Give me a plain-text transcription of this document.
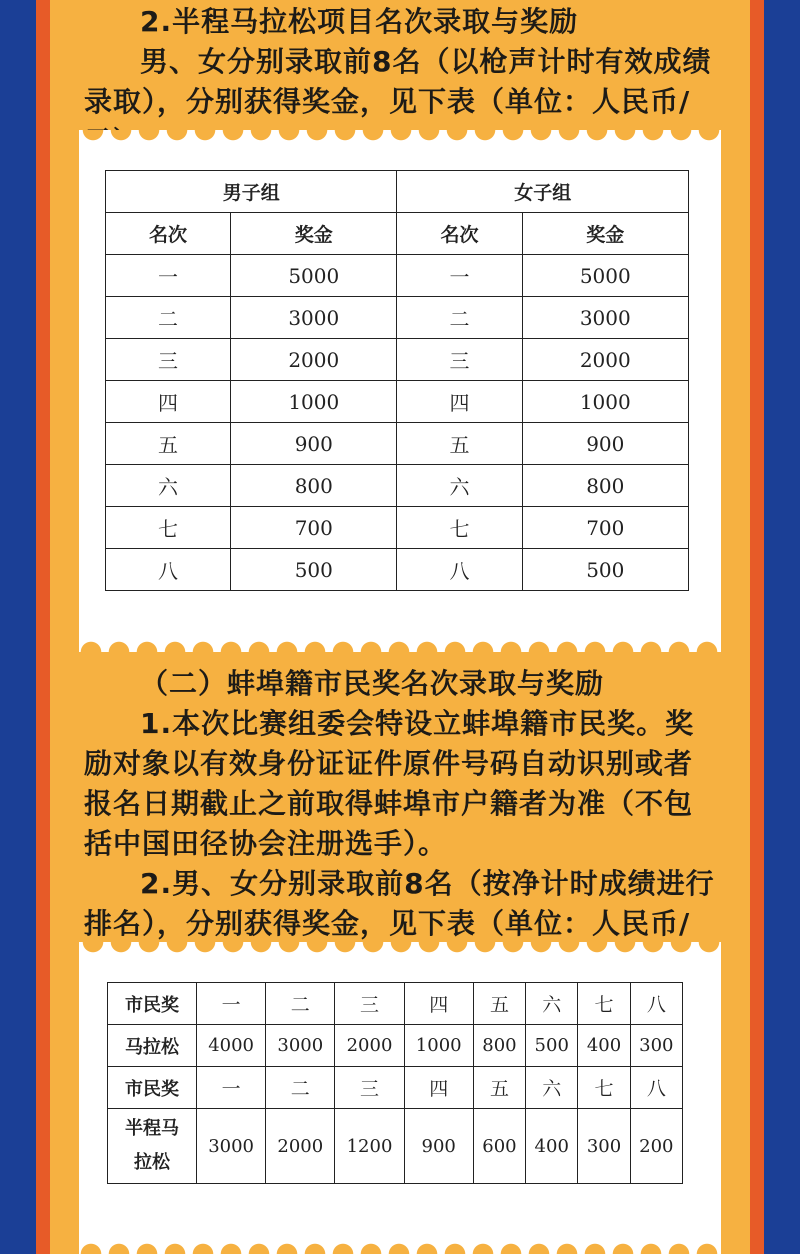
2.半程马拉松项目名次录取与奖励

男、女分别录取前8名（以枪声计时有效成绩录取），分别获得奖金，见下表（单位：人民币/

男子组		女子组	
名次	奖金	名次	奖金
一	5000	一	5000
二	3000	二	3000
三	2000	三	2000
四	1000	四	1000
五	900	五	900
六	800	六	800
七	700	七	700
八	500	八	500

（二）蚌埠籍市民奖名次录取与奖励

1.本次比赛组委会特设立蚌埠籍市民奖。奖励对象以有效身份证证件原件号码自动识别或者报名日期截止之前取得蚌埠市户籍者为准（不包括中国田径协会注册选手）。

2.男、女分别录取前8名（按净计时成绩进行排名），分别获得奖金，见下表（单位：人民币/

市民奖	一	二	三	四	五	六	七	八
马拉松	4000	3000	2000	1000	800	500	400	300
市民奖	一	二	三	四	五	六	七	八
半程马
拉松	3000	2000	1200	900	600	400	300	200
